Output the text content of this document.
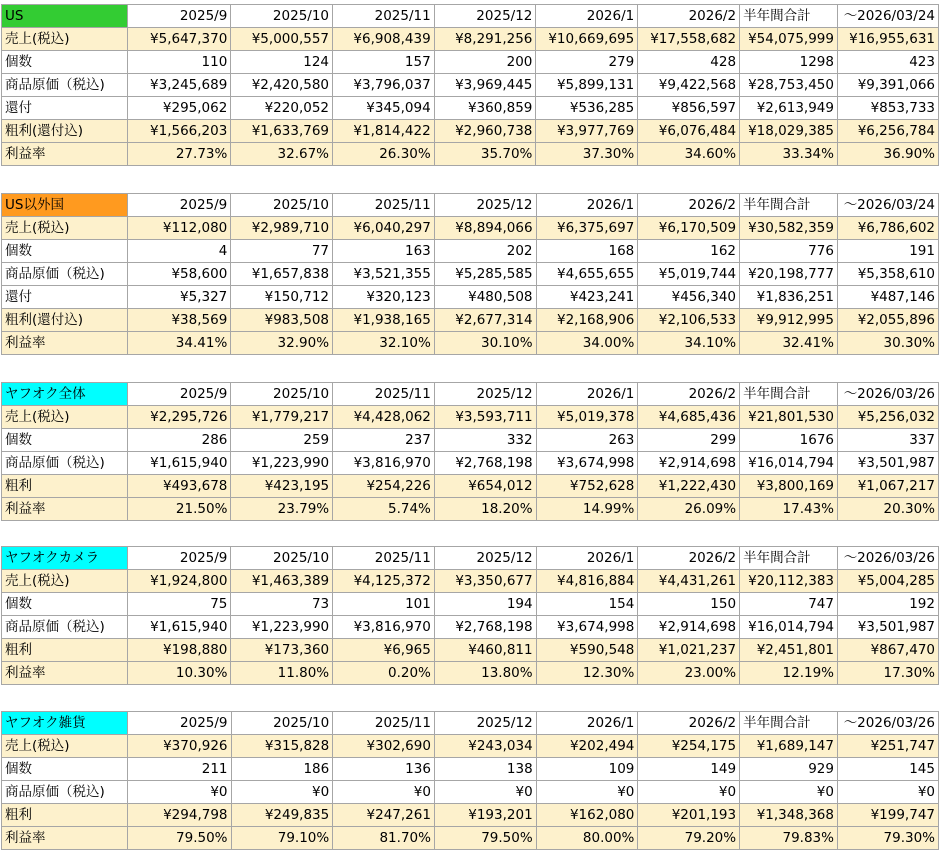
US	2025/9	2025/10	2025/11	2025/12	2026/1	2026/2	半年間合計	〜2026/03/24
売上(税込)	¥5,647,370	¥5,000,557	¥6,908,439	¥8,291,256	¥10,669,695	¥17,558,682	¥54,075,999	¥16,955,631
個数	110	124	157	200	279	428	1298	423
商品原価（税込)	¥3,245,689	¥2,420,580	¥3,796,037	¥3,969,445	¥5,899,131	¥9,422,568	¥28,753,450	¥9,391,066
還付	¥295,062	¥220,052	¥345,094	¥360,859	¥536,285	¥856,597	¥2,613,949	¥853,733
粗利(還付込)	¥1,566,203	¥1,633,769	¥1,814,422	¥2,960,738	¥3,977,769	¥6,076,484	¥18,029,385	¥6,256,784
利益率	27.73%	32.67%	26.30%	35.70%	37.30%	34.60%	33.34%	36.90%
US以外国	2025/9	2025/10	2025/11	2025/12	2026/1	2026/2	半年間合計	〜2026/03/24
売上(税込)	¥112,080	¥2,989,710	¥6,040,297	¥8,894,066	¥6,375,697	¥6,170,509	¥30,582,359	¥6,786,602
個数	4	77	163	202	168	162	776	191
商品原価（税込)	¥58,600	¥1,657,838	¥3,521,355	¥5,285,585	¥4,655,655	¥5,019,744	¥20,198,777	¥5,358,610
還付	¥5,327	¥150,712	¥320,123	¥480,508	¥423,241	¥456,340	¥1,836,251	¥487,146
粗利(還付込)	¥38,569	¥983,508	¥1,938,165	¥2,677,314	¥2,168,906	¥2,106,533	¥9,912,995	¥2,055,896
利益率	34.41%	32.90%	32.10%	30.10%	34.00%	34.10%	32.41%	30.30%
ヤフオク全体	2025/9	2025/10	2025/11	2025/12	2026/1	2026/2	半年間合計	〜2026/03/26
売上(税込)	¥2,295,726	¥1,779,217	¥4,428,062	¥3,593,711	¥5,019,378	¥4,685,436	¥21,801,530	¥5,256,032
個数	286	259	237	332	263	299	1676	337
商品原価（税込)	¥1,615,940	¥1,223,990	¥3,816,970	¥2,768,198	¥3,674,998	¥2,914,698	¥16,014,794	¥3,501,987
粗利	¥493,678	¥423,195	¥254,226	¥654,012	¥752,628	¥1,222,430	¥3,800,169	¥1,067,217
利益率	21.50%	23.79%	5.74%	18.20%	14.99%	26.09%	17.43%	20.30%
ヤフオクカメラ	2025/9	2025/10	2025/11	2025/12	2026/1	2026/2	半年間合計	〜2026/03/26
売上(税込)	¥1,924,800	¥1,463,389	¥4,125,372	¥3,350,677	¥4,816,884	¥4,431,261	¥20,112,383	¥5,004,285
個数	75	73	101	194	154	150	747	192
商品原価（税込)	¥1,615,940	¥1,223,990	¥3,816,970	¥2,768,198	¥3,674,998	¥2,914,698	¥16,014,794	¥3,501,987
粗利	¥198,880	¥173,360	¥6,965	¥460,811	¥590,548	¥1,021,237	¥2,451,801	¥867,470
利益率	10.30%	11.80%	0.20%	13.80%	12.30%	23.00%	12.19%	17.30%
ヤフオク雑貨	2025/9	2025/10	2025/11	2025/12	2026/1	2026/2	半年間合計	〜2026/03/26
売上(税込)	¥370,926	¥315,828	¥302,690	¥243,034	¥202,494	¥254,175	¥1,689,147	¥251,747
個数	211	186	136	138	109	149	929	145
商品原価（税込)	¥0	¥0	¥0	¥0	¥0	¥0	¥0	¥0
粗利	¥294,798	¥249,835	¥247,261	¥193,201	¥162,080	¥201,193	¥1,348,368	¥199,747
利益率	79.50%	79.10%	81.70%	79.50%	80.00%	79.20%	79.83%	79.30%
